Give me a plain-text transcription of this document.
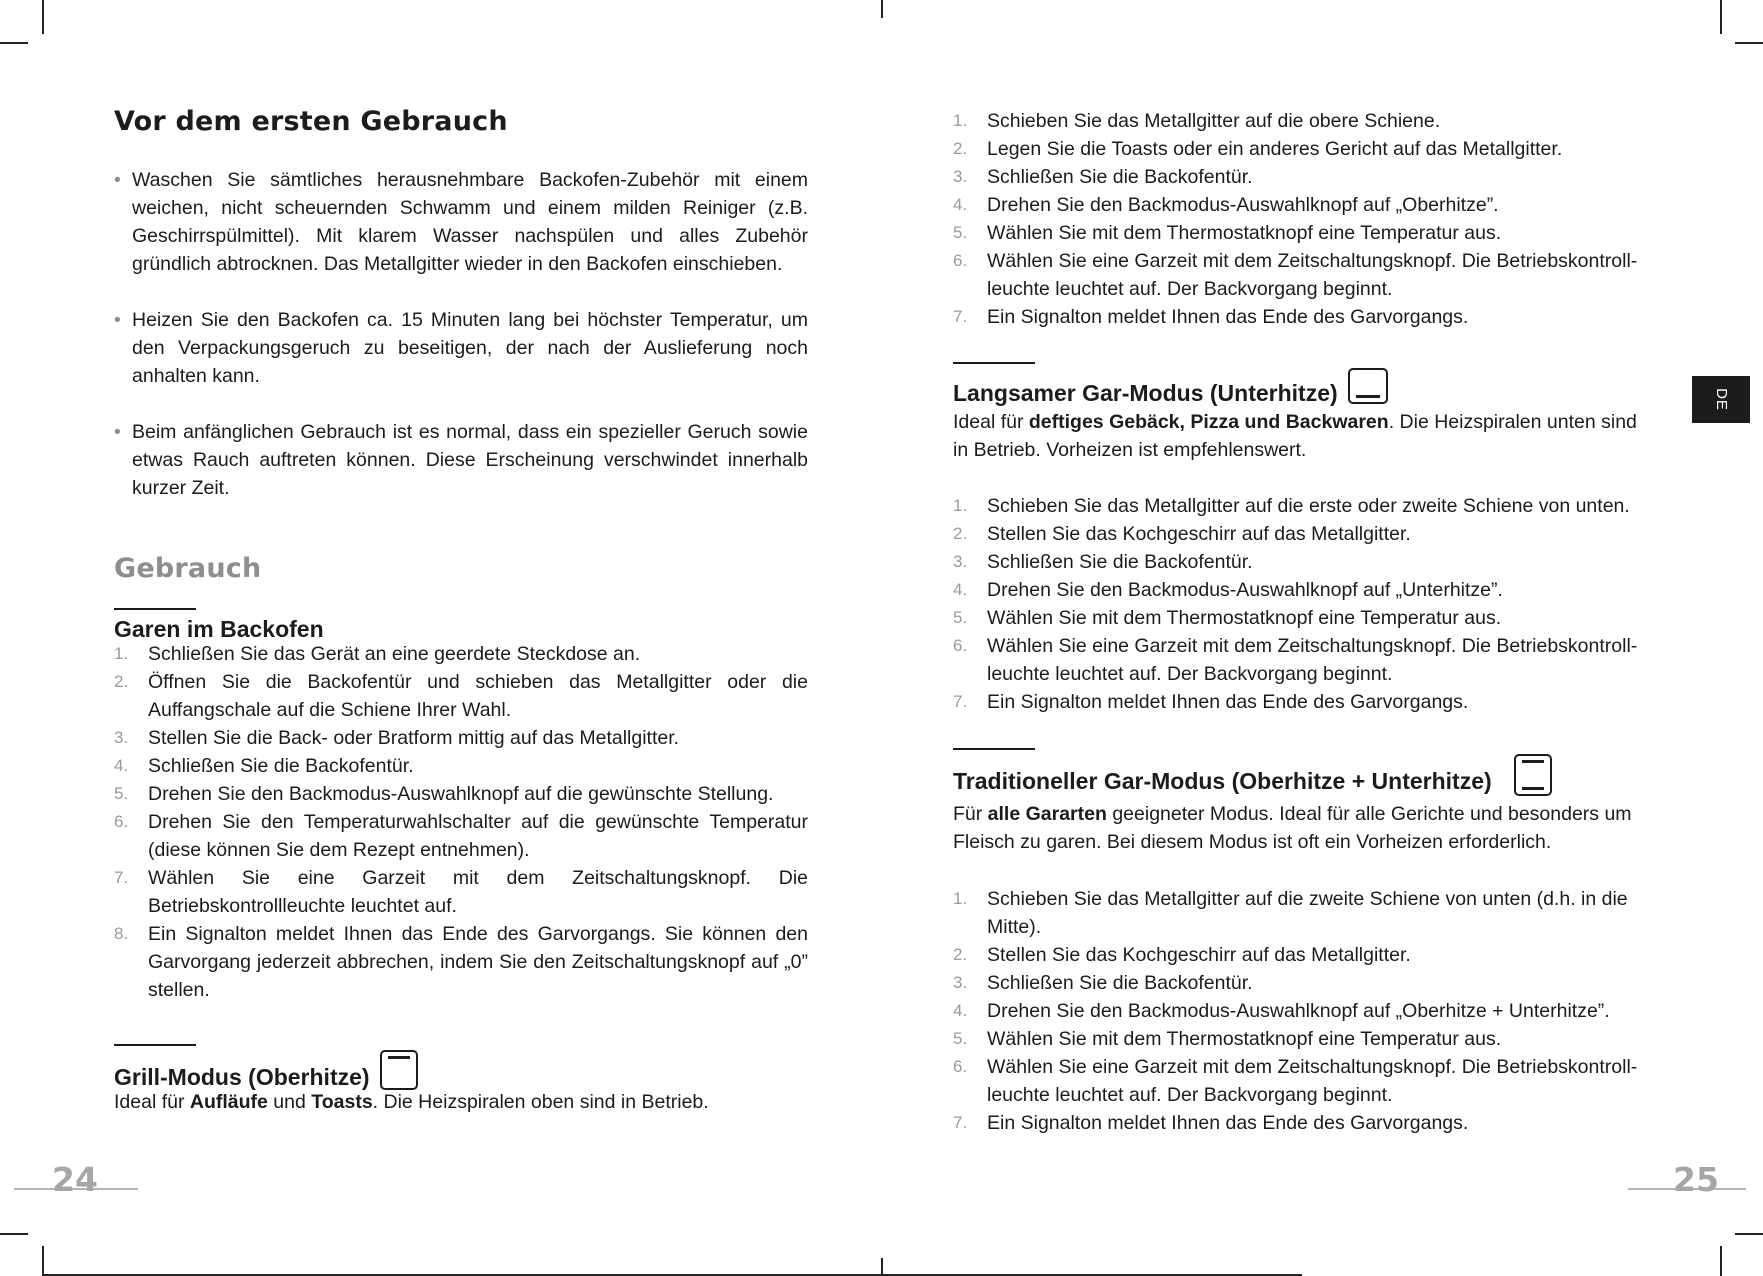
Vor dem ersten Gebrauch
• Waschen Sie sämtliches herausnehmbare Backofen-Zubehör mit einem weichen, nicht scheuernden Schwamm und einem milden Reiniger (z.B. Geschirrspülmittel). Mit klarem Wasser nachspülen und alles Zubehör gründlich abtrocknen. Das Metallgitter wieder in den Backofen einschieben.
• Heizen Sie den Backofen ca. 15 Minuten lang bei höchster Temperatur, um den Verpackungsgeruch zu beseitigen, der nach der Auslieferung noch anhalten kann.
• Beim anfänglichen Gebrauch ist es normal, dass ein spezieller Geruch sowie etwas Rauch auftreten können. Diese Erscheinung verschwindet innerhalb kurzer Zeit.
Gebrauch
Garen im Backofen
1. Schließen Sie das Gerät an eine geerdete Steckdose an.
2. Öffnen Sie die Backofentür und schieben das Metallgitter oder die Auffangschale auf die Schiene Ihrer Wahl.
3. Stellen Sie die Back- oder Bratform mittig auf das Metallgitter.
4. Schließen Sie die Backofentür.
5. Drehen Sie den Backmodus-Auswahlknopf auf die gewünschte Stellung.
6. Drehen Sie den Temperaturwahlschalter auf die gewünschte Temperatur (diese können Sie dem Rezept entnehmen).
7. Wählen Sie eine Garzeit mit dem Zeitschaltungsknopf. Die Betriebskontrollleuchte leuchtet auf.
8. Ein Signalton meldet Ihnen das Ende des Garvorgangs. Sie können den Garvorgang jederzeit abbrechen, indem Sie den Zeitschaltungsknopf auf „0” stellen.
Grill-Modus (Oberhitze)

Ideal für Aufläufe und Toasts. Die Heizspiralen oben sind in Betrieb.

24
1. Schieben Sie das Metallgitter auf die obere Schiene.
2. Legen Sie die Toasts oder ein anderes Gericht auf das Metallgitter.
3. Schließen Sie die Backofentür.
4. Drehen Sie den Backmodus-Auswahlknopf auf „Oberhitze”.
5. Wählen Sie mit dem Thermostatknopf eine Temperatur aus.
6. Wählen Sie eine Garzeit mit dem Zeitschaltungsknopf. Die Betriebskontroll-leuchte leuchtet auf. Der Backvorgang beginnt.
7. Ein Signalton meldet Ihnen das Ende des Garvorgangs.
Langsamer Gar-Modus (Unterhitze)

Ideal für deftiges Gebäck, Pizza und Backwaren. Die Heizspiralen unten sind in Betrieb. Vorheizen ist empfehlenswert.

1. Schieben Sie das Metallgitter auf die erste oder zweite Schiene von unten.
2. Stellen Sie das Kochgeschirr auf das Metallgitter.
3. Schließen Sie die Backofentür.
4. Drehen Sie den Backmodus-Auswahlknopf auf „Unterhitze”.
5. Wählen Sie mit dem Thermostatknopf eine Temperatur aus.
6. Wählen Sie eine Garzeit mit dem Zeitschaltungsknopf. Die Betriebskontroll-leuchte leuchtet auf. Der Backvorgang beginnt.
7. Ein Signalton meldet Ihnen das Ende des Garvorgangs.
Traditioneller Gar-Modus (Oberhitze + Unterhitze)

Für alle Gararten geeigneter Modus. Ideal für alle Gerichte und besonders um Fleisch zu garen. Bei diesem Modus ist oft ein Vorheizen erforderlich.

1. Schieben Sie das Metallgitter auf die zweite Schiene von unten (d.h. in die Mitte).
2. Stellen Sie das Kochgeschirr auf das Metallgitter.
3. Schließen Sie die Backofentür.
4. Drehen Sie den Backmodus-Auswahlknopf auf „Oberhitze + Unterhitze”.
5. Wählen Sie mit dem Thermostatknopf eine Temperatur aus.
6. Wählen Sie eine Garzeit mit dem Zeitschaltungsknopf. Die Betriebskontroll-leuchte leuchtet auf. Der Backvorgang beginnt.
7. Ein Signalton meldet Ihnen das Ende des Garvorgangs.
25
DE
